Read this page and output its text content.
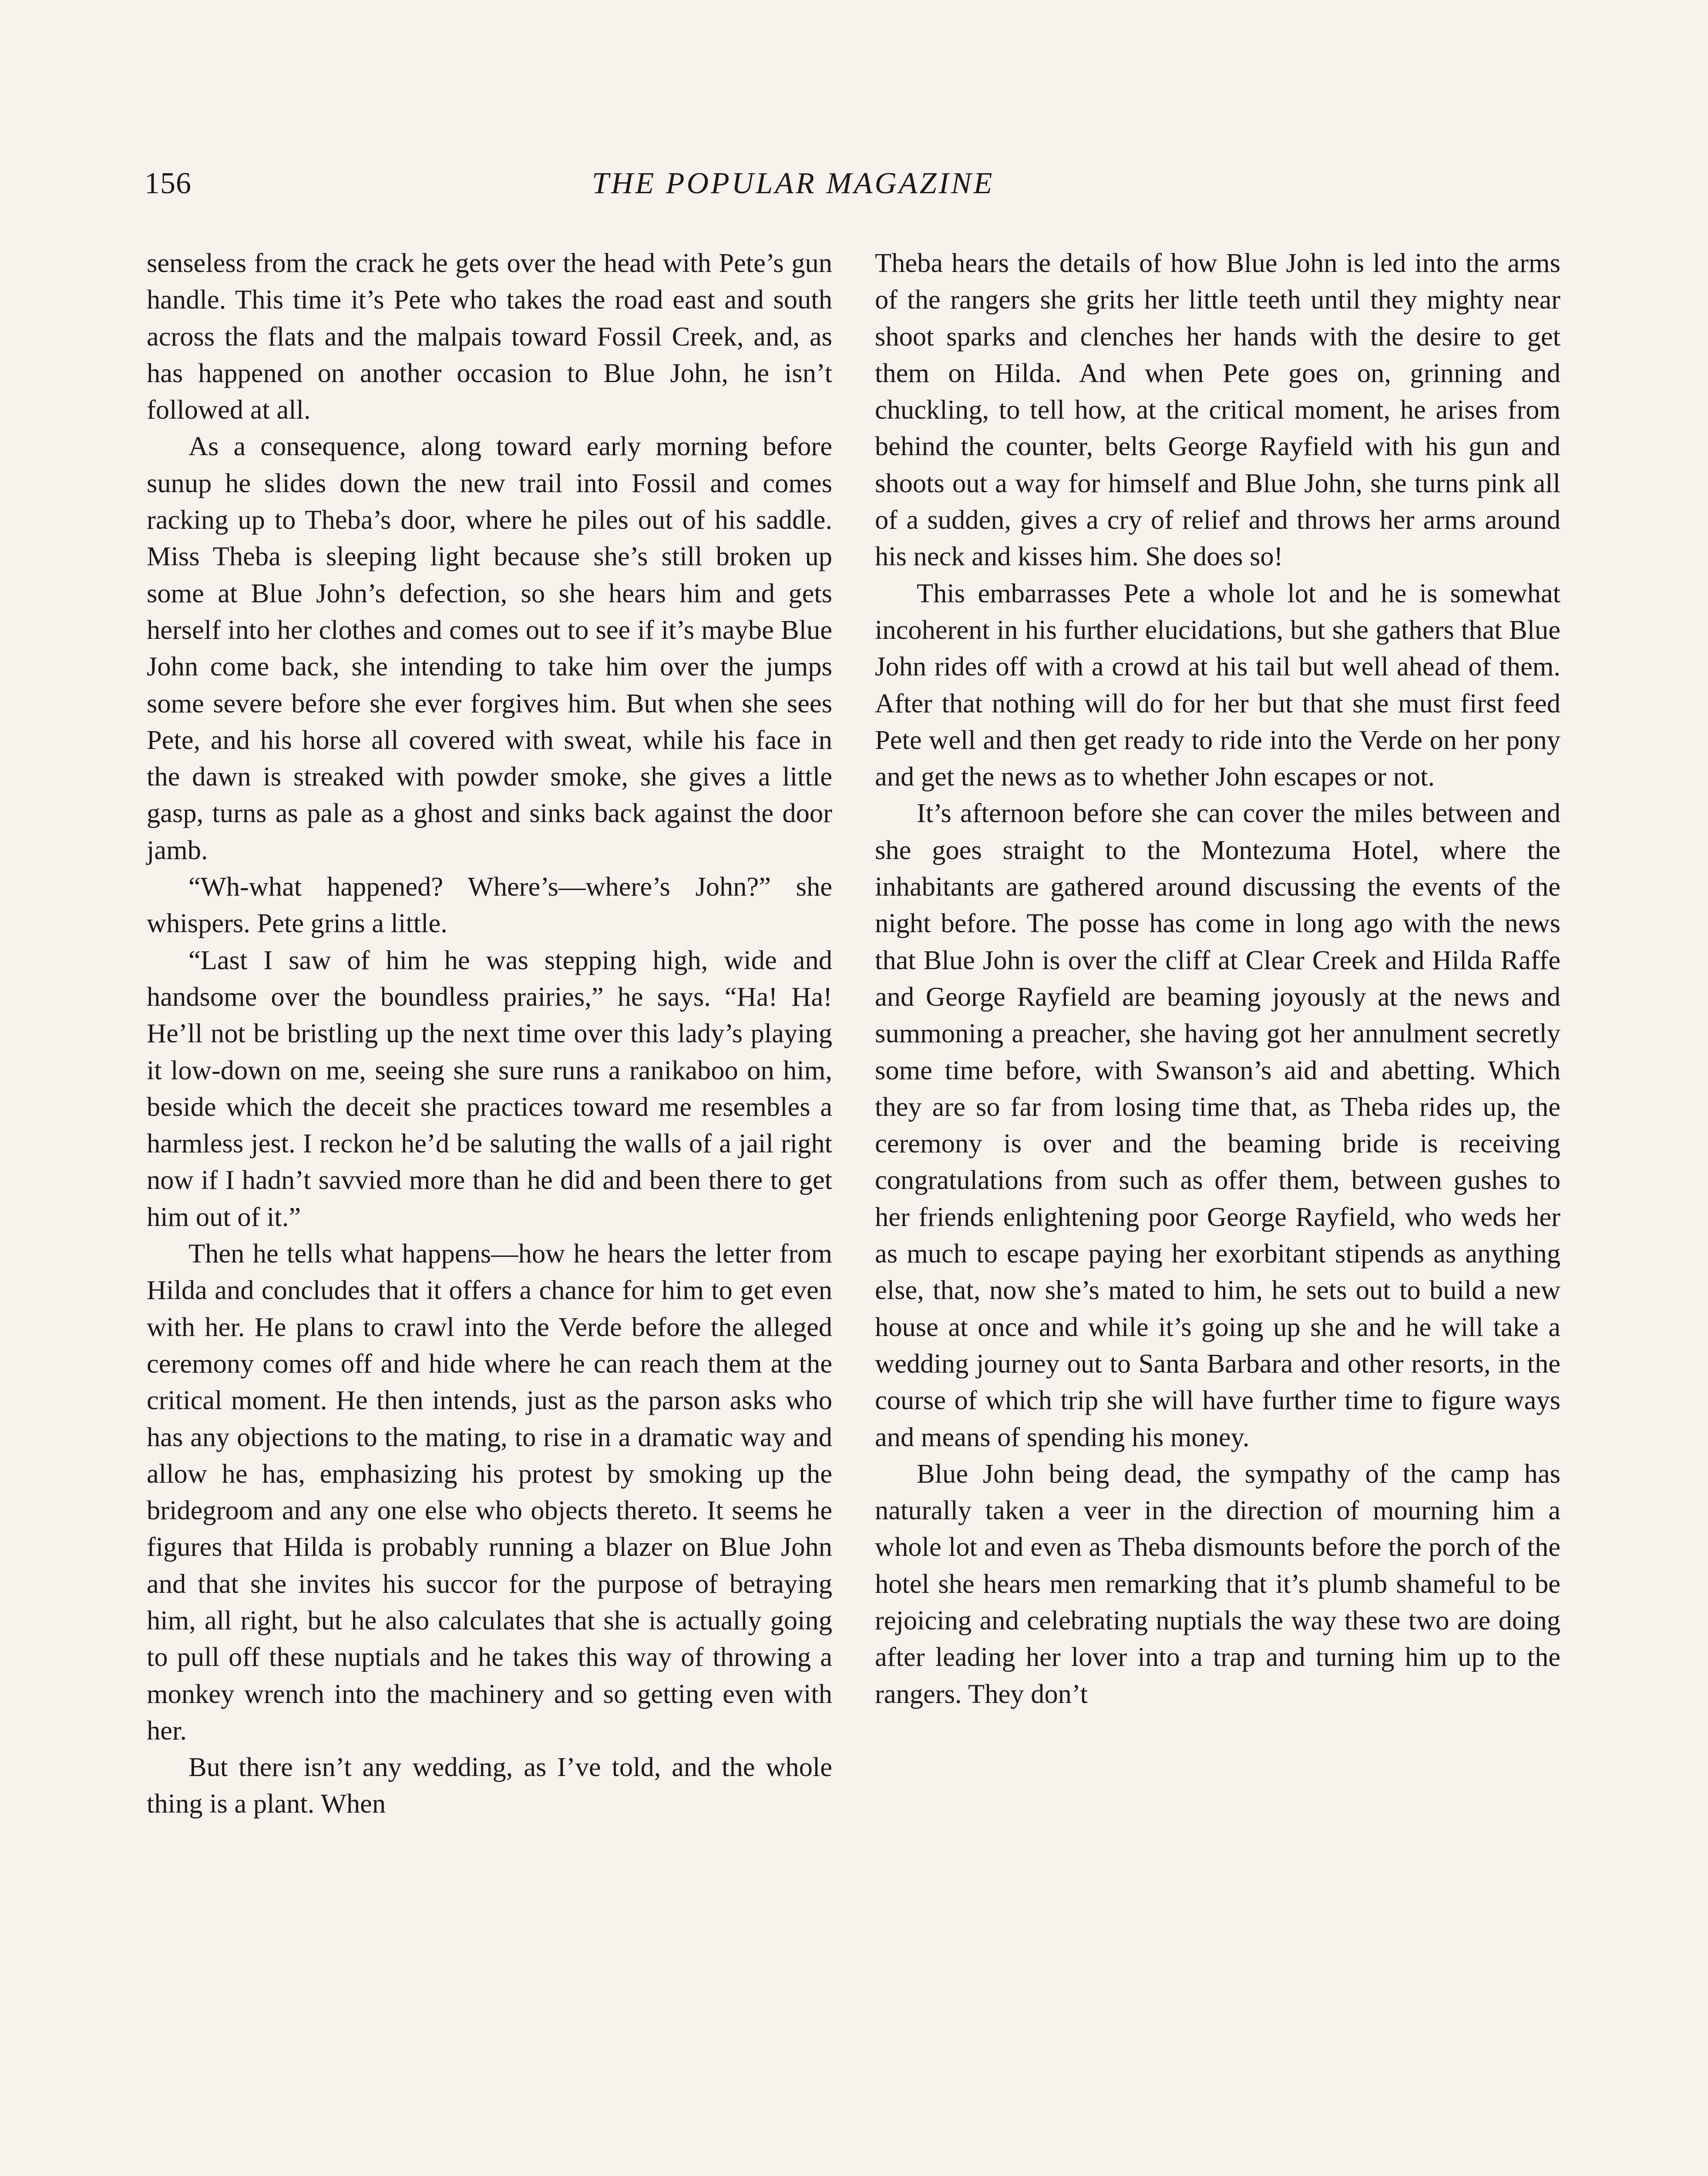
156	THE POPULAR MAGAZINE

senseless from the crack he gets over the head with Pete’s gun handle. This time it’s Pete who takes the road east and south across the flats and the malpais toward Fossil Creek, and, as has happened on another occasion to Blue John, he isn’t followed at all.

As a consequence, along toward early morning before sunup he slides down the new trail into Fossil and comes racking up to Theba’s door, where he piles out of his saddle. Miss Theba is sleeping light because she’s still broken up some at Blue John’s defection, so she hears him and gets herself into her clothes and comes out to see if it’s maybe Blue John come back, she intending to take him over the jumps some severe before she ever forgives him. But when she sees Pete, and his horse all covered with sweat, while his face in the dawn is streaked with powder smoke, she gives a little gasp, turns as pale as a ghost and sinks back against the door jamb.

“Wh-what happened? Where’s—where’s John?” she whispers. Pete grins a little.

“Last I saw of him he was stepping high, wide and handsome over the boundless prairies,” he says. “Ha! Ha! He’ll not be bristling up the next time over this lady’s playing it low-down on me, seeing she sure runs a ranikaboo on him, beside which the deceit she practices toward me resembles a harmless jest. I reckon he’d be saluting the walls of a jail right now if I hadn’t savvied more than he did and been there to get him out of it.”

Then he tells what happens—how he hears the letter from Hilda and concludes that it offers a chance for him to get even with her. He plans to crawl into the Verde before the alleged ceremony comes off and hide where he can reach them at the critical moment. He then intends, just as the parson asks who has any objections to the mating, to rise in a dramatic way and allow he has, emphasizing his protest by smoking up the bridegroom and any one else who objects thereto. It seems he figures that Hilda is probably running a blazer on Blue John and that she invites his succor for the purpose of betraying him, all right, but he also calculates that she is actually going to pull off these nuptials and he takes this way of throwing a monkey wrench into the machinery and so getting even with her.

But there isn’t any wedding, as I’ve told, and the whole thing is a plant. When

Theba hears the details of how Blue John is led into the arms of the rangers she grits her little teeth until they mighty near shoot sparks and clenches her hands with the desire to get them on Hilda. And when Pete goes on, grinning and chuckling, to tell how, at the critical moment, he arises from behind the counter, belts George Rayfield with his gun and shoots out a way for himself and Blue John, she turns pink all of a sudden, gives a cry of relief and throws her arms around his neck and kisses him. She does so!

This embarrasses Pete a whole lot and he is somewhat incoherent in his further elucidations, but she gathers that Blue John rides off with a crowd at his tail but well ahead of them. After that nothing will do for her but that she must first feed Pete well and then get ready to ride into the Verde on her pony and get the news as to whether John escapes or not.

It’s afternoon before she can cover the miles between and she goes straight to the Montezuma Hotel, where the inhabitants are gathered around discussing the events of the night before. The posse has come in long ago with the news that Blue John is over the cliff at Clear Creek and Hilda Raffe and George Rayfield are beaming joyously at the news and summoning a preacher, she having got her annulment secretly some time before, with Swanson’s aid and abetting. Which they are so far from losing time that, as Theba rides up, the ceremony is over and the beaming bride is receiving congratulations from such as offer them, between gushes to her friends enlightening poor George Rayfield, who weds her as much to escape paying her exorbitant stipends as anything else, that, now she’s mated to him, he sets out to build a new house at once and while it’s going up she and he will take a wedding journey out to Santa Barbara and other resorts, in the course of which trip she will have further time to figure ways and means of spending his money.

Blue John being dead, the sympathy of the camp has naturally taken a veer in the direction of mourning him a whole lot and even as Theba dismounts before the porch of the hotel she hears men remarking that it’s plumb shameful to be rejoicing and celebrating nuptials the way these two are doing after leading her lover into a trap and turning him up to the rangers. They don’t
